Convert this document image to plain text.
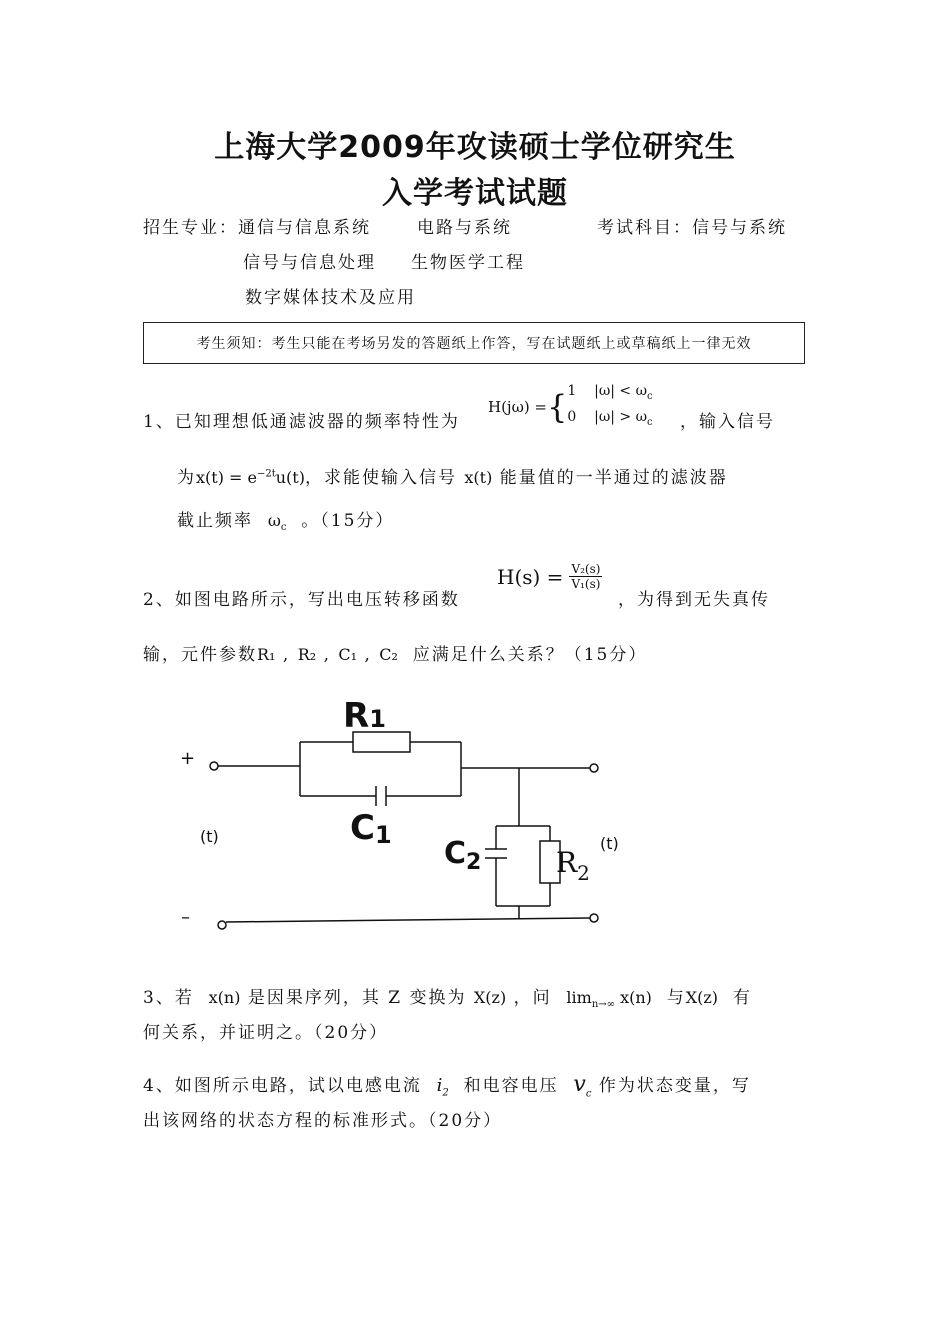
上海大学2009年攻读硕士学位研究生
入学考试试题
招生专业：通信与信息系统	电路与系统	考试科目：信号与系统
信号与信息处理 生物医学工程
数字媒体技术及应用
考生须知：考生只能在考场另发的答题纸上作答，写在试题纸上或草稿纸上一律无效
1、已知理想低通滤波器的频率特性为
H(jω) = { 1 $|\omega| < \omega_c$
0 $|\omega| > \omega_c$ ，输入信号
为$x(t) = e^{-2t}u(t)$，求能使输入信号 x(t) 能量值的一半通过的滤波器
截止频率 $\omega_c$ 。（15分）
2、如图电路所示，写出电压转移函数
$H(s) = \frac{\text{V₂(s)}}{\text{V₁(s)}}$
，为得到无失真传
输，元件参数R₁ , R₂ , C₁ , C₂ 应满足什么关系？（15分）
+
–
(t)	(t)
R1
C1
$C_2$	$R_2$
3、若 x(n) 是因果序列，其 Z 变换为 X(z) ，问 $\lim_{n\to\infty} x(n)$ 与X(z) 有
何关系，并证明之。（20分）
4、如图所示电路，试以电感电流 $i_2$ 和电容电压 $v_c$ 作为状态变量，写
出该网络的状态方程的标准形式。（20分）
